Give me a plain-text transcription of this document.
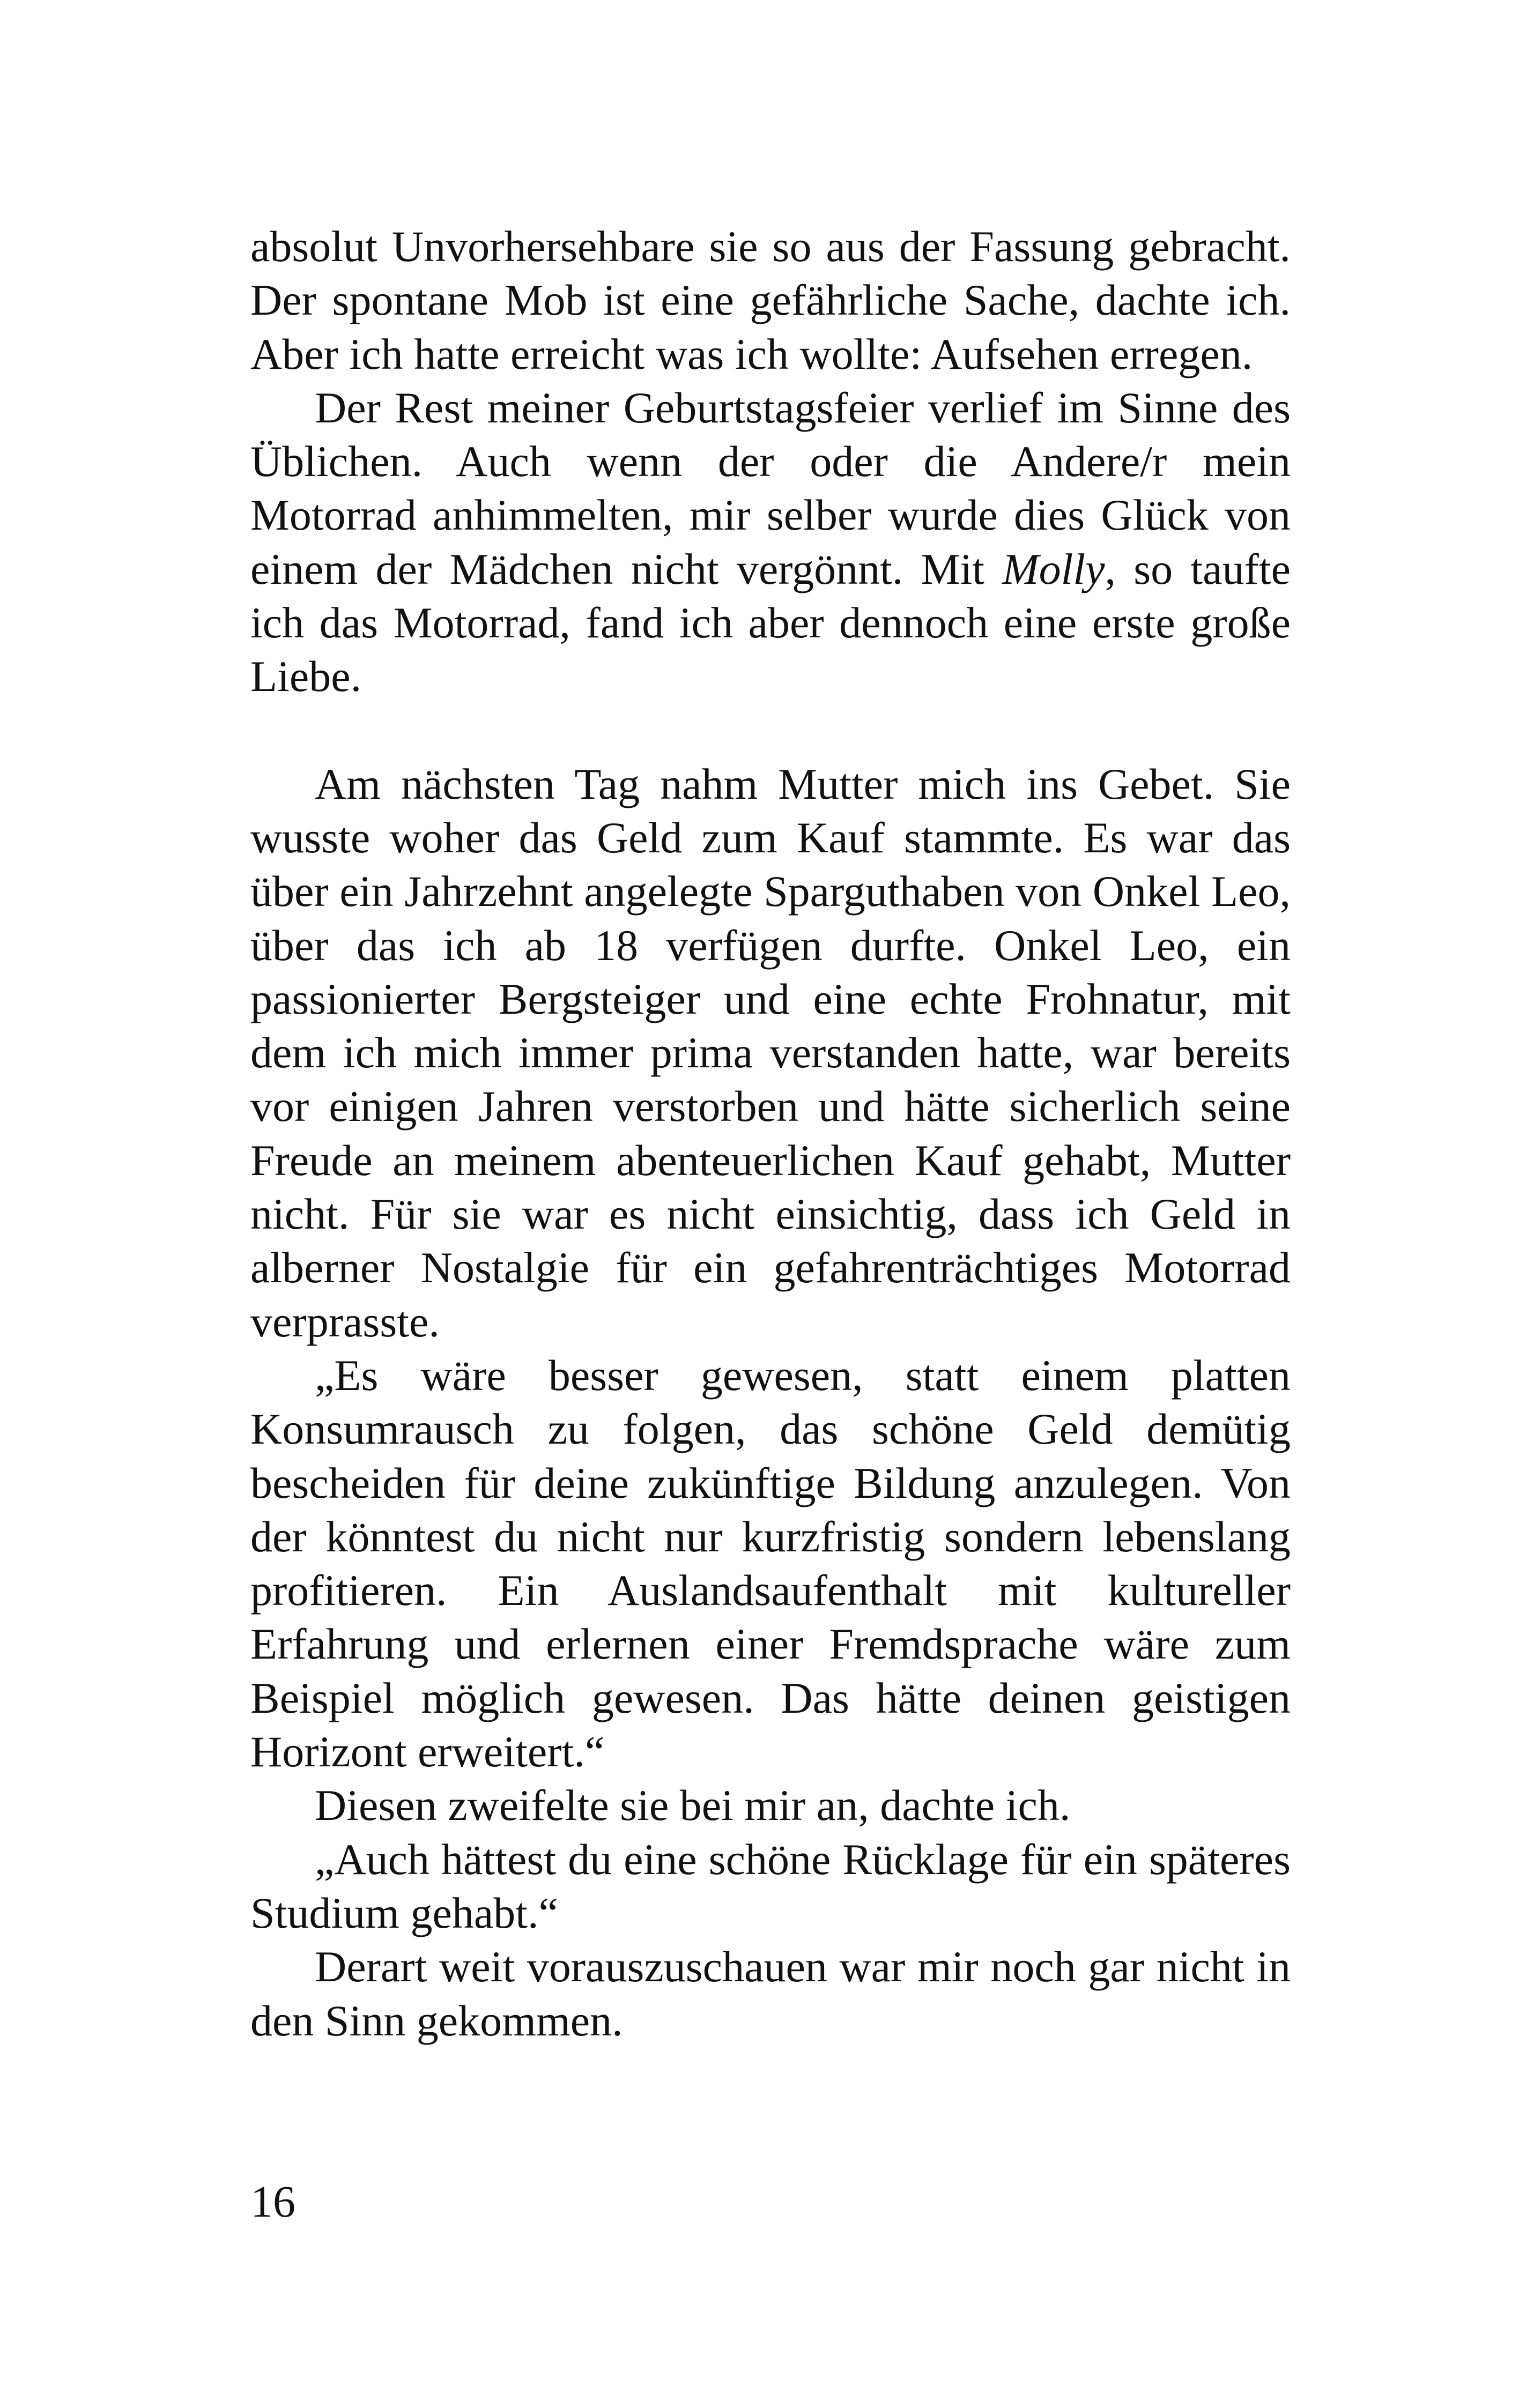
absolut Unvorhersehbare sie so aus der Fassung gebracht. Der spontane Mob ist eine gefährliche Sache, dachte ich. Aber ich hatte erreicht was ich wollte: Aufsehen erregen.

Der Rest meiner Geburtstagsfeier verlief im Sinne des Üblichen. Auch wenn der oder die Andere/r mein Motorrad anhimmelten, mir selber wurde dies Glück von einem der Mädchen nicht vergönnt. Mit Molly, so taufte ich das Motorrad, fand ich aber dennoch eine erste große Liebe.

Am nächsten Tag nahm Mutter mich ins Gebet. Sie wusste woher das Geld zum Kauf stammte. Es war das über ein Jahrzehnt angelegte Sparguthaben von Onkel Leo, über das ich ab 18 verfügen durfte. Onkel Leo, ein passionierter Bergsteiger und eine echte Frohnatur, mit dem ich mich immer prima verstanden hatte, war bereits vor einigen Jahren verstorben und hätte sicherlich seine Freude an meinem abenteuerlichen Kauf gehabt, Mutter nicht. Für sie war es nicht einsichtig, dass ich Geld in alberner Nostalgie für ein gefahrenträchtiges Motorrad verprasste.

„Es wäre besser gewesen, statt einem platten Konsumrausch zu folgen, das schöne Geld demütig bescheiden für deine zukünftige Bildung anzulegen. Von der könntest du nicht nur kurzfristig sondern lebenslang profitieren. Ein Auslandsaufenthalt mit kultureller Erfahrung und erlernen einer Fremdsprache wäre zum Beispiel möglich gewesen. Das hätte deinen geistigen Horizont erweitert.“

Diesen zweifelte sie bei mir an, dachte ich.

„Auch hättest du eine schöne Rücklage für ein späteres Studium gehabt.“

Derart weit vorauszuschauen war mir noch gar nicht in den Sinn gekommen.

16
